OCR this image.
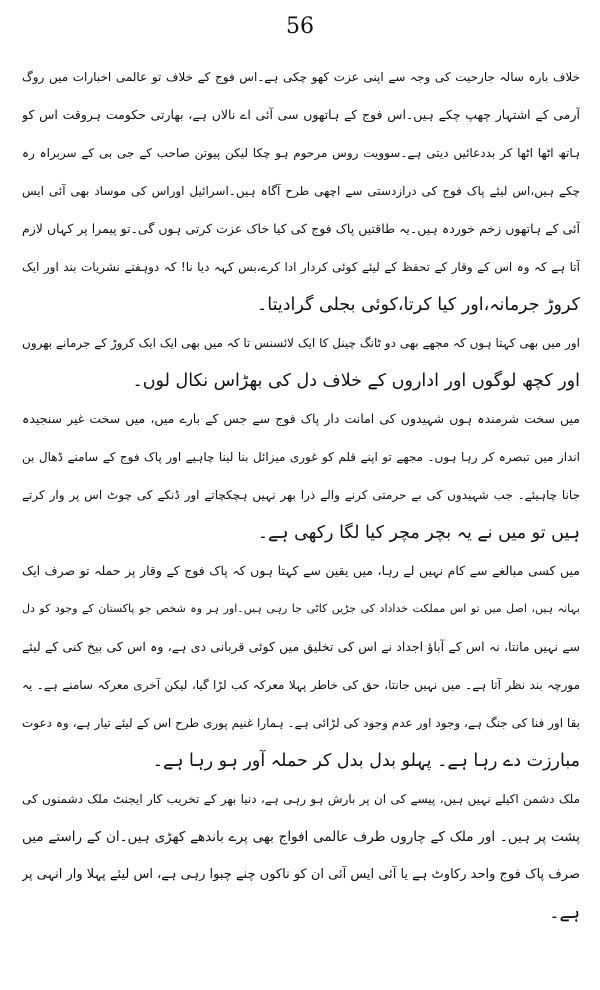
56
خلاف بارہ سالہ جارحیت کی وجہ سے اپنی عزت کھو چکی ہے۔اس فوج کے خلاف تو عالمی اخبارات میں روگ
آرمی کے اشتہار چھپ چکے ہیں۔اس فوج کے ہاتھوں سی آئی اے نالاں ہے، بھارتی حکومت ہروقت اس کو
ہاتھ اٹھا اٹھا کر بددعائیں دیتی ہے۔سوویت روس مرحوم ہو چکا لیکن پیوتن صاحب کے جی بی کے سربراہ رہ
چکے ہیں،اس لیئے پاک فوج کی درازدستی سے اچھی طرح آگاہ ہیں۔اسرائیل اوراس کی موساد بھی آئی ایس
آئی کے ہاتھوں زخم خوردہ ہیں۔یہ طاقتیں پاک فوج کی کیا خاک عزت کرتی ہوں گی۔تو پیمرا پر کہاں لازم
آتا ہے کہ وہ اس کے وقار کے تحفظ کے لیئے کوئی کردار ادا کرے،بس کہہ دیا نا! کہ دوہفتے نشریات بند اور ایک
کروڑ جرمانہ،اور کیا کرتا،کوئی بجلی گرادیتا۔
اور میں بھی کہتا ہوں کہ مجھے بھی دو ٹانگ چینل کا ایک لائسنس تا کہ میں بھی ایک ایک کروڑ کے جرمانے بھروں
اور کچھ لوگوں اور اداروں کے خلاف دل کی بھڑاس نکال لوں۔
میں سخت شرمندہ ہوں شہیدوں کی امانت دار پاک فوج سے جس کے بارے میں، میں سخت غیر سنجیدہ
انداز میں تبصرہ کر رہا ہوں۔ مجھے تو اپنے قلم کو غوری میزائل بنا لینا چاہیے اور پاک فوج کے سامنے ڈھال بن
جانا چاہیئے۔ جب شہیدوں کی بے حرمتی کرنے والے ذرا بھر نہیں ہچکچاتے اور ڈنکے کی چوٹ اس پر وار کرتے
ہیں تو میں نے یہ بچر مچر کیا لگا رکھی ہے۔
میں کسی مبالغے سے کام نہیں لے رہا، میں یقین سے کہتا ہوں کہ پاک فوج کے وقار پر حملہ تو صرف ایک
بہانہ ہیں، اصل میں تو اس مملکت خداداد کی جڑیں کاٹی جا رہی ہیں۔اور ہر وہ شخص جو پاکستان کے وجود کو دل
سے نہیں مانتا، نہ اس کے آباؤ اجداد نے اس کی تخلیق میں کوئی قربانی دی ہے، وہ اس کی بیخ کنی کے لیئے
مورچہ بند نظر آتا ہے۔ میں نہیں جانتا، حق کی خاطر پہلا معرکہ کب لڑا گیا، لیکن آخری معرکہ سامنے ہے۔ یہ
بقا اور فنا کی جنگ ہے، وجود اور عدم وجود کی لڑائی ہے۔ ہمارا غنیم پوری طرح اس کے لیئے تیار ہے، وہ دعوت
مبارزت دے رہا ہے۔ پہلو بدل بدل کر حملہ آور ہو رہا ہے۔
ملک دشمن اکیلے نہیں ہیں، پیسے کی ان پر بارش ہو رہی ہے، دنیا بھر کے تخریب کار ایجنٹ ملک دشمنوں کی
پشت پر ہیں۔ اور ملک کے چاروں طرف عالمی افواج بھی پرے باندھے کھڑی ہیں۔ان کے راستے میں
صرف پاک فوج واحد رکاوٹ ہے یا آئی ایس آئی ان کو ناکوں چنے چبوا رہی ہے، اس لیئے پہلا وار انہی پر
ہے۔
